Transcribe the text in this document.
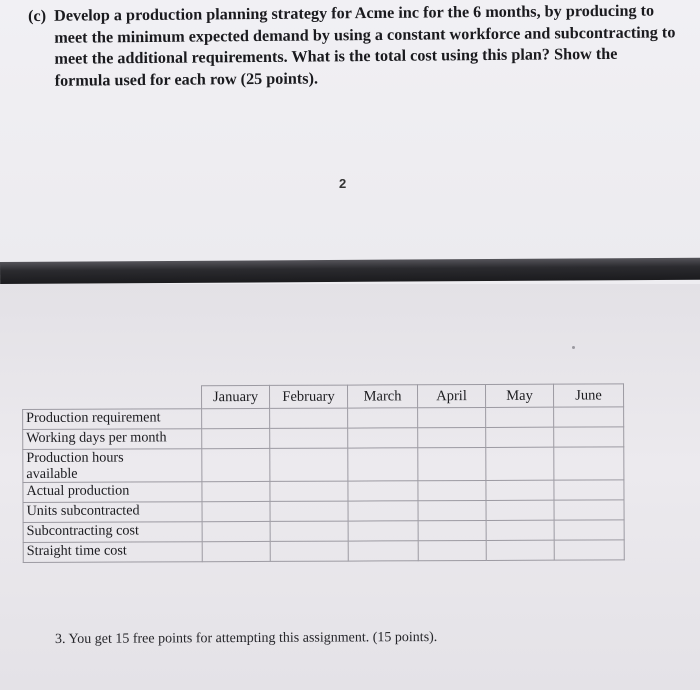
(c) Develop a production planning strategy for Acme inc for the 6 months, by producing to
meet the minimum expected demand by using a constant workforce and subcontracting to
meet the additional requirements. What is the total cost using this plan? Show the
formula used for each row (25 points).
2
	January	February	March	April	May	June
Production requirement						
Working days per month						
Production hours
available						
Actual production						
Units subcontracted						
Subcontracting cost						
Straight time cost						
3. You get 15 free points for attempting this assignment. (15 points).
